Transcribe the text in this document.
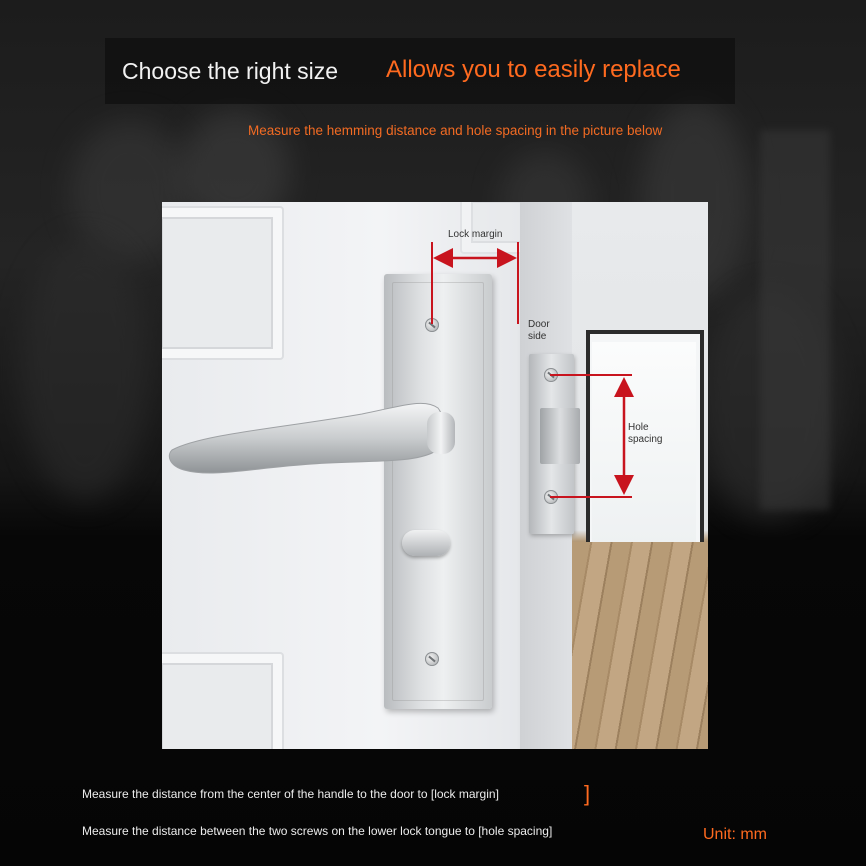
Choose the right size Allows you to easily replace
Measure the hemming distance and hole spacing in the picture below
Lock margin
Door
side
Hole
spacing
Measure the distance from the center of the handle to the door to [lock margin]	]
Measure the distance between the two screws on the lower lock tongue to [hole spacing]	Unit: mm
